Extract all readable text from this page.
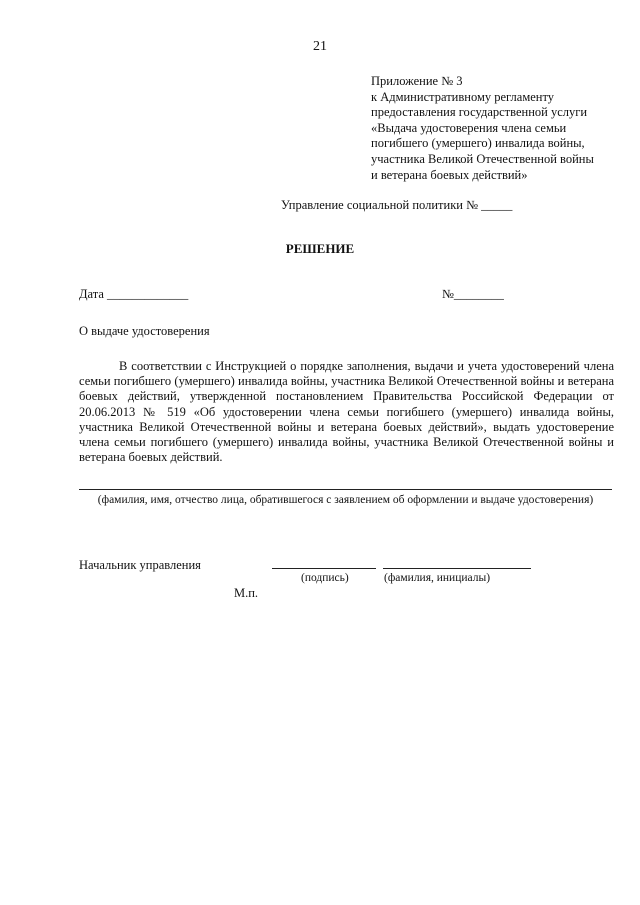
21
Приложение № 3
к Административному регламенту
предоставления государственной услуги
«Выдача удостоверения члена семьи
погибшего (умершего) инвалида войны,
участника Великой Отечественной войны
и ветерана боевых действий»
Управление социальной политики № _____
РЕШЕНИЕ
Дата _____________	№________
О выдаче удостоверения
В соответствии с Инструкцией о порядке заполнения, выдачи и учета удостоверений члена семьи погибшего (умершего) инвалида войны, участника Великой Отечественной войны и ветерана боевых действий, утвержденной постановлением Правительства Российской Федерации от 20.06.2013 № 519 «Об удостоверении члена семьи погибшего (умершего) инвалида войны, участника Великой Отечественной войны и ветерана боевых действий», выдать удостоверение члена семьи погибшего (умершего) инвалида войны, участника Великой Отечественной войны и ветерана боевых действий.
(фамилия, имя, отчество лица, обратившегося с заявлением об оформлении и выдаче удостоверения)
Начальник управления
(подпись)	(фамилия, инициалы)
М.п.
